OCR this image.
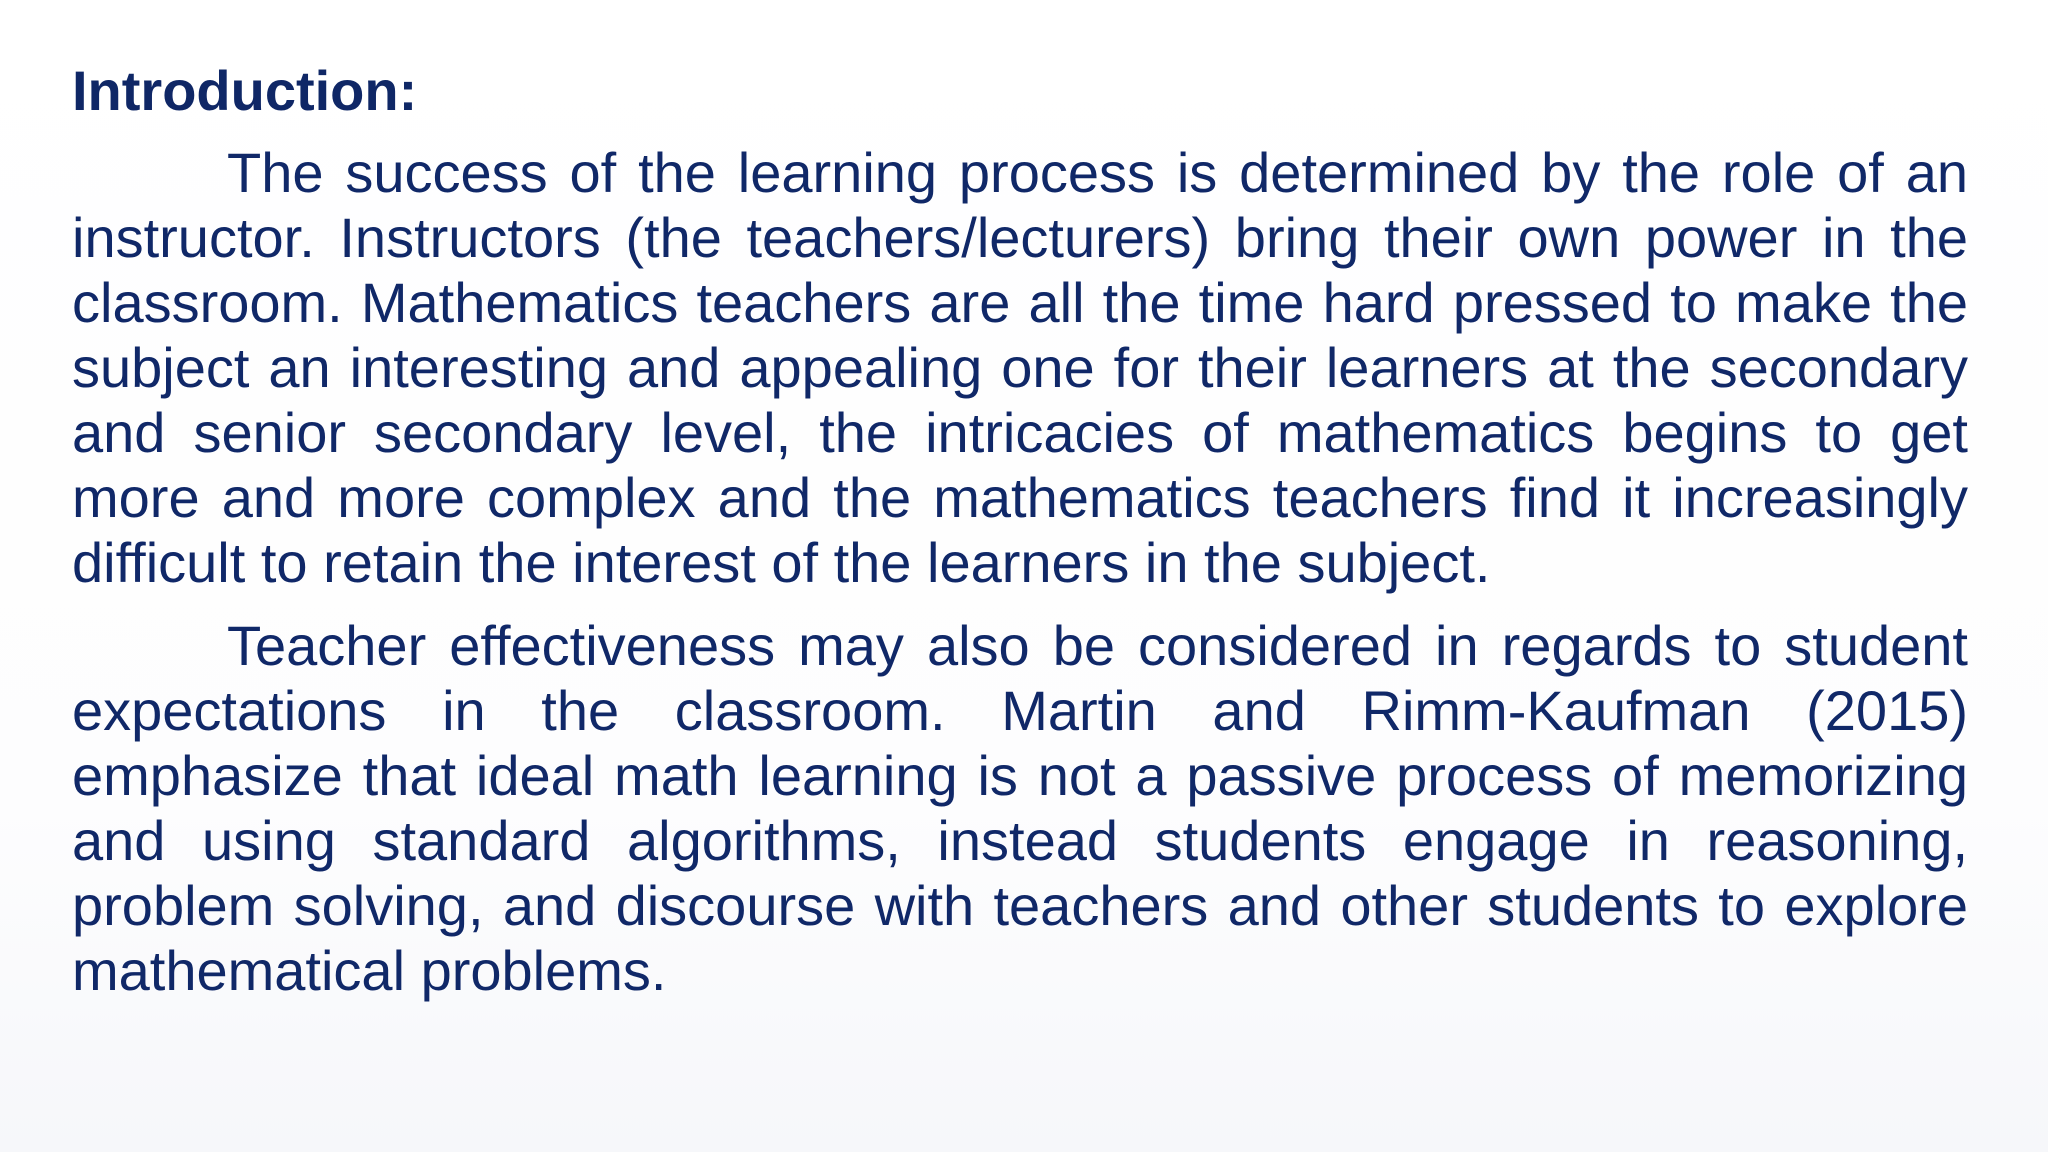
Introduction:

The success of the learning process is determined by the role of an instructor. Instructors (the teachers/lecturers) bring their own power in the classroom. Mathematics teachers are all the time hard pressed to make the subject an interesting and appealing one for their learners at the secondary and senior secondary level, the intricacies of mathematics begins to get more and more complex and the mathematics teachers find it increasingly difficult to retain the interest of the learners in the subject.

Teacher effectiveness may also be considered in regards to student expectations in the classroom. Martin and Rimm-Kaufman (2015) emphasize that ideal math learning is not a passive process of memorizing and using standard algorithms, instead students engage in reasoning, problem solving, and discourse with teachers and other students to explore mathematical problems.
